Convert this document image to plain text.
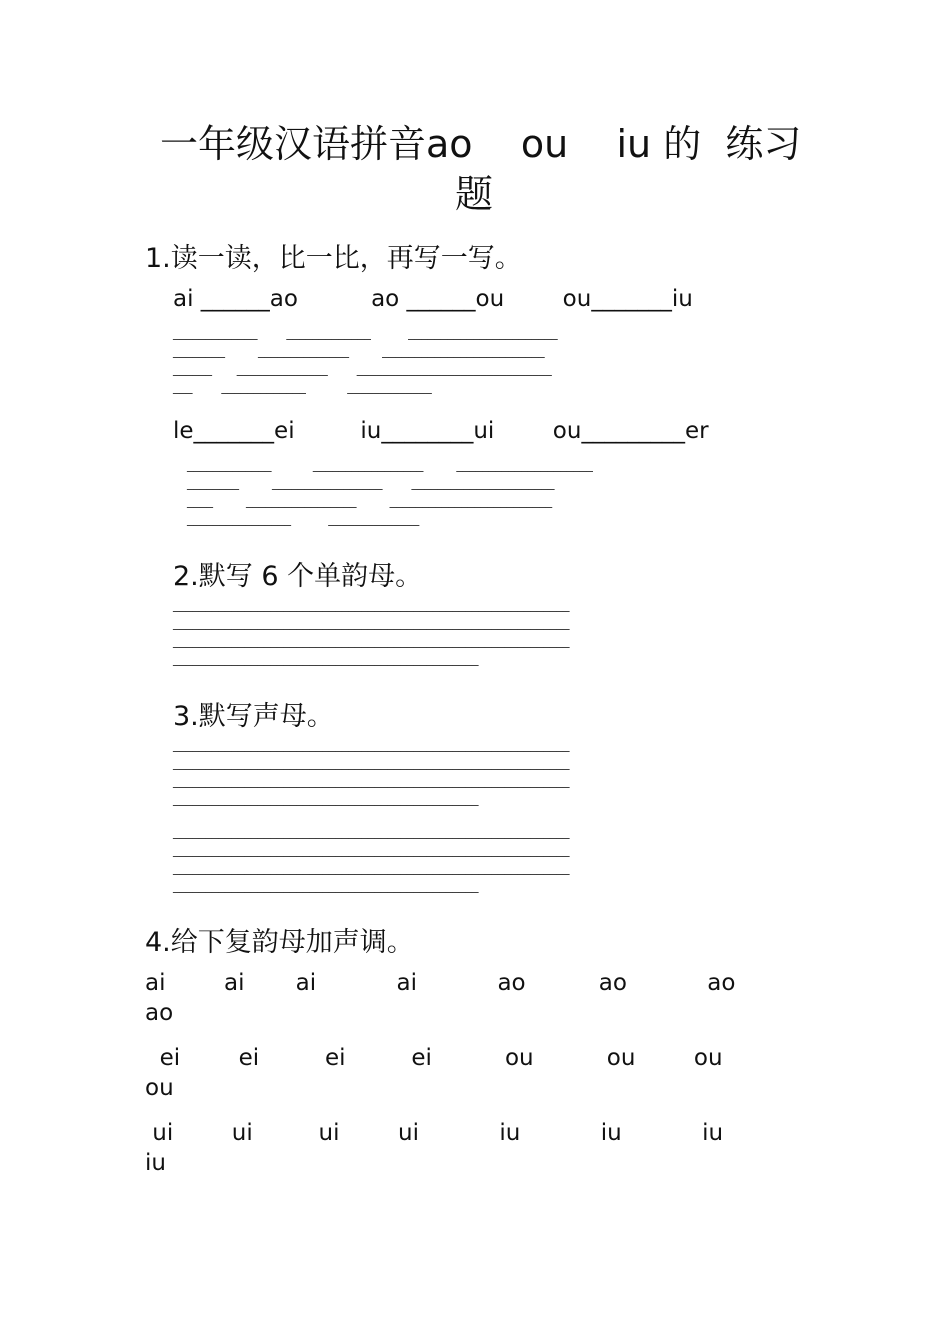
一年级汉语拼音ao    ou    iu 的  练习
题
1.读一读，比一比，再写一写。
ai ______ao          ao ______ou        ou_______iu
_____________       _____________         _______________________
________        ______________        _________________________
______      ______________       ______________________________
___       _____________          _____________
le_______ei         iu________ui        ou_________er
_____________          _________________        _____________________
________        _________________       ______________________
____        _________________        _________________________
________________         ______________
2.默写 6 个单韵母。
_____________________________________________________________
_____________________________________________________________
_____________________________________________________________
_______________________________________________
3.默写声母。
_____________________________________________________________
_____________________________________________________________
_____________________________________________________________
_______________________________________________
_____________________________________________________________
_____________________________________________________________
_____________________________________________________________
_______________________________________________
4.给下复韵母加声调。
ai        ai       ai           ai           ao          ao           ao
ao
ei        ei         ei         ei          ou          ou        ou
ou
ui        ui         ui        ui           iu           iu           iu
iu
